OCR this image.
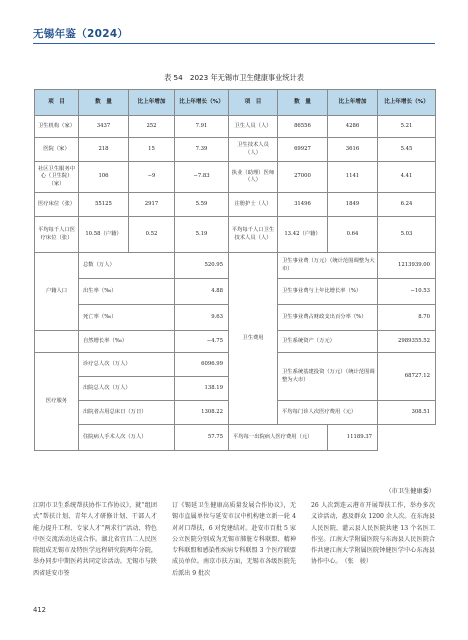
无锡年鉴（2024）
表 54　2023 年无锡市卫生健康事业统计表
项　目	数　量	比上年增加	比上年增长（%）	项　目	数　量	比上年增加	比上年增长（%）
卫生机构（家）	3437	252	7.91	卫生人员（人）	86556	4286	5.21
医院（家）	218	15	7.39	卫生技术人员（人）	69927	3616	5.45
社区卫生服务中心（卫生院）（家）	106	−9	−7.83	执业（助理）医师（人）	27000	1141	4.41
医疗床位（张）	55125	2917	5.59	注册护士（人）	31496	1849	6.24
平均每千人口医疗床位（张）	10.58（户籍）	0.52	5.19	平均每千人口卫生技术人员（人）	13.42（户籍）	0.64	5.03
户籍人口	总数（万人）		520.95	卫生费用	卫生事业费（万元）（统计范围调整为大市）		1213939.00
	出生率（‰）		4.88		卫生事业费与上年比增长率（%）		−10.53
	死亡率（‰）		9.63		卫生事业费占财政支出百分率（%）		8.70
	自然增长率（‰）		−4.75		卫生系统资产（万元）		2989355.52
医疗服务	诊疗总人次（万人）		6096.99		卫生系统基建投资（万元）（统计范围调整为大市）		68727.12
	出院总人次（万人）		138.19				
	出院者占用总床日（万日）		1308.22		平均每门诊人次医疗费用（元）		308.51
	住院病人手术人次（万人）		57.75	平均每一出院病人医疗费用（元）		11189.37	
（市卫生健康委）
江阴市卫生系统帮扶协作工作协议》，就“组团式”帮扶计划、青年人才研修计划、干部人才能力提升工程、专家人才“两求行”活动、特色中医交流活动达成合作。湖北省宜昌二人民医院组成无锡市及特医学远程研究院两年分院，举办同步中期医药共同定诊活动。无锡市与陕西省延安市签
订《锡延卫生健康高质量发展合作协议》，无锡市直属单位与延安市汉中机构建立新一轮 4 对对口帮扶，6 对党建结对。赴安市百批 5 家公立医院分别成为无锡市肺脏专科联盟、精神专科联盟和感染性疾病专科联盟 3 个医疗联盟成员单位。南京市扶方面，无锡市各级医院先后派出 9 批次
26 人次到连云港市开展帮扶工作，举办多次义诊活动，惠及群众 1200 余人次。在东海县人民医院、灌云县人民医院共建 13 个名医工作室。江南大学附属医院与东海县人民医院合作共建江南大学附属医院钟健医学中心东海县协作中心。　（张　骏）
412
